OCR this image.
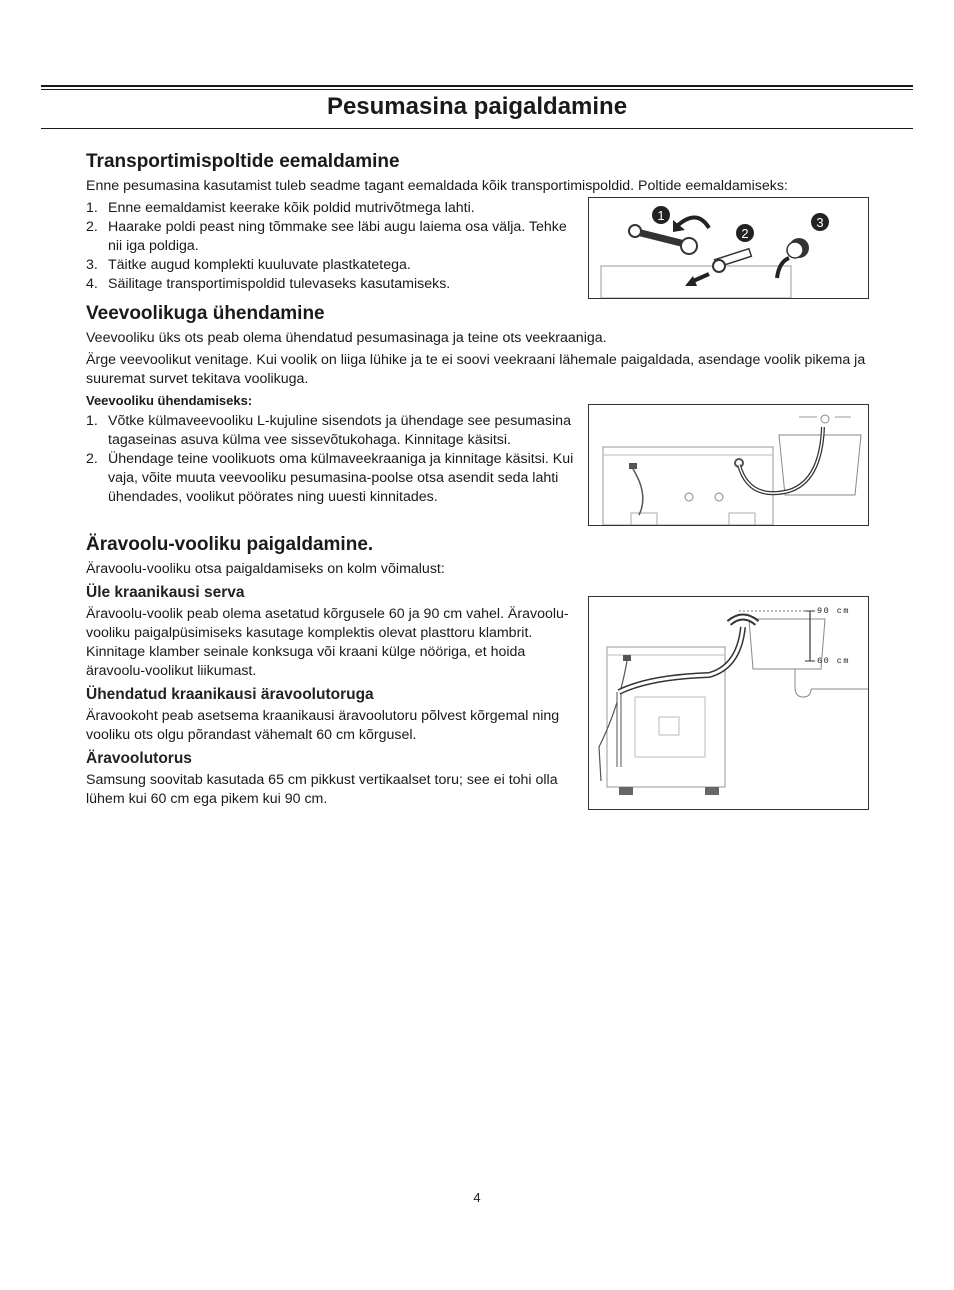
Pesumasina paigaldamine
Transportimispoltide eemaldamine

Enne pesumasina kasutamist tuleb seadme tagant eemaldada kõik transportimispoldid. Poltide eemaldamiseks:

1. Enne eemaldamist keerake kõik poldid mutrivõtmega lahti.
2. Haarake poldi peast ning tõmmake see läbi augu laiema osa välja. Tehke nii iga poldiga.
3. Täitke augud komplekti kuuluvate plastkatetega.
4. Säilitage transportimispoldid tulevaseks kasutamiseks.
Veevoolikuga ühendamine

Veevooliku üks ots peab olema ühendatud pesumasinaga ja teine ots veekraaniga.

Ärge veevoolikut venitage. Kui voolik on liiga lühike ja te ei soovi veekraani lähemale paigaldada, asendage voolik pikema ja suuremat survet tekitava voolikuga.

Veevooliku ühendamiseks:
1. Võtke külmaveevooliku L-kujuline sisendots ja ühendage see pesumasina tagaseinas asuva külma vee sissevõtukohaga. Kinnitage käsitsi.
2. Ühendage teine voolikuots oma külmaveekraaniga ja kinnitage käsitsi. Kui vaja, võite muuta veevooliku pesumasina-poolse otsa asendit seda lahti ühendades, voolikut pöörates ning uuesti kinnitades.
Äravoolu-vooliku paigaldamine.

Äravoolu-vooliku otsa paigaldamiseks on kolm võimalust:

Üle kraanikausi serva

Äravoolu-voolik peab olema asetatud kõrgusele 60 ja 90 cm vahel. Äravoolu-vooliku paigalpüsimiseks kasutage komplektis olevat plasttoru klambrit. Kinnitage klamber seinale konksuga või kraani külge nööriga, et hoida äravoolu-voolikut liikumast.

Ühendatud kraanikausi äravoolutoruga

Äravookoht peab asetsema kraanikausi äravoolutoru põlvest kõrgemal ning vooliku ots olgu põrandast vähemalt 60 cm kõrgusel.

Äravoolutorus

Samsung soovitab kasutada 65 cm pikkust vertikaalset toru; see ei tohi olla lühem kui 60 cm ega pikem kui 90 cm.

1
2
3
90 cm
60 cm
4
